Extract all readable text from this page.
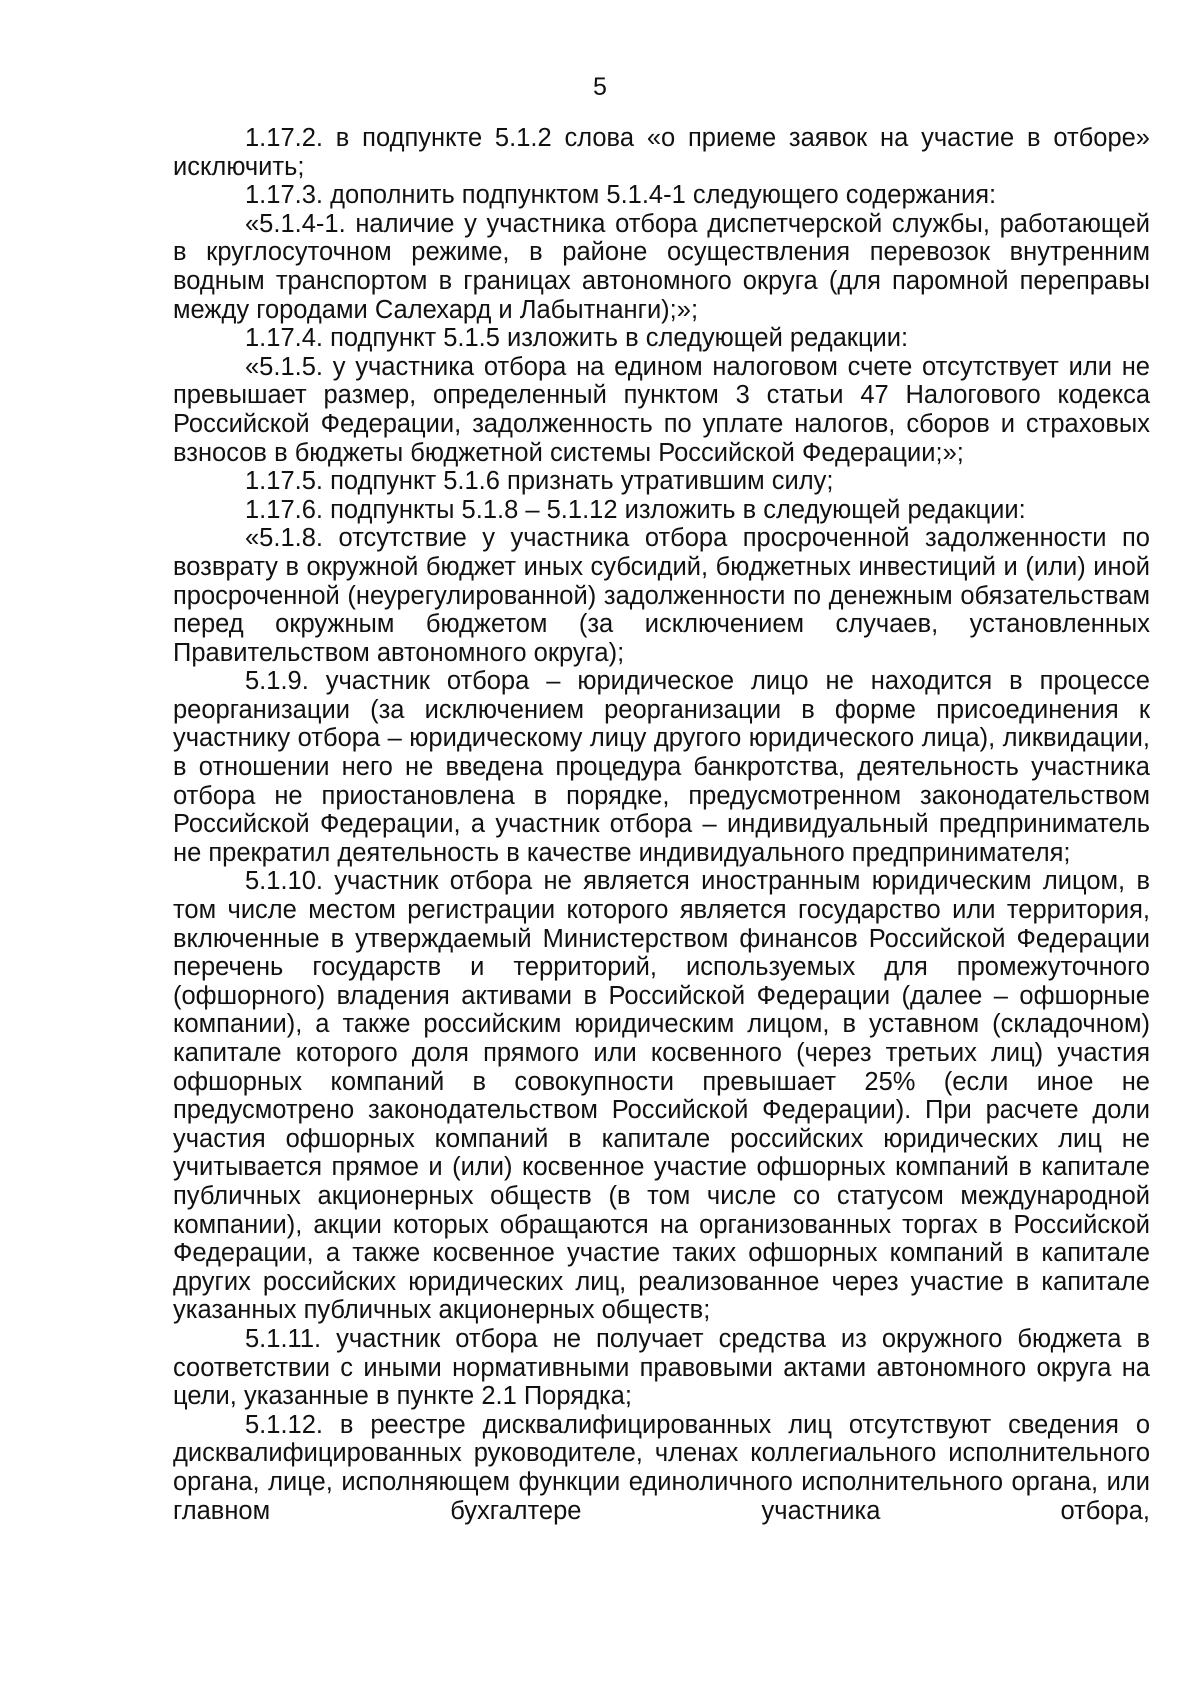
5

1.17.2. в подпункте 5.1.2 слова «о приеме заявок на участие в отборе» исключить;

1.17.3. дополнить подпунктом 5.1.4-1 следующего содержания:

«5.1.4-1. наличие у участника отбора диспетчерской службы, работающей в круглосуточном режиме, в районе осуществления перевозок внутренним водным транспортом в границах автономного округа (для паромной переправы между городами Салехард и Лабытнанги);»;

1.17.4. подпункт 5.1.5 изложить в следующей редакции:

«5.1.5. у участника отбора на едином налоговом счете отсутствует или не превышает размер, определенный пунктом 3 статьи 47 Налогового кодекса Российской Федерации, задолженность по уплате налогов, сборов и страховых взносов в бюджеты бюджетной системы Российской Федерации;»;

1.17.5. подпункт 5.1.6 признать утратившим силу;

1.17.6. подпункты 5.1.8 – 5.1.12 изложить в следующей редакции:

«5.1.8. отсутствие у участника отбора просроченной задолженности по возврату в окружной бюджет иных субсидий, бюджетных инвестиций и (или) иной просроченной (неурегулированной) задолженности по денежным обязательствам перед окружным бюджетом (за исключением случаев, установленных Правительством автономного округа);

5.1.9. участник отбора – юридическое лицо не находится в процессе реорганизации (за исключением реорганизации в форме присоединения к участнику отбора – юридическому лицу другого юридического лица), ликвидации, в отношении него не введена процедура банкротства, деятельность участника отбора не приостановлена в порядке, предусмотренном законодательством Российской Федерации, а участник отбора – индивидуальный предприниматель не прекратил деятельность в качестве индивидуального предпринимателя;

5.1.10. участник отбора не является иностранным юридическим лицом, в том числе местом регистрации которого является государство или территория, включенные в утверждаемый Министерством финансов Российской Федерации перечень государств и территорий, используемых для промежуточного (офшорного) владения активами в Российской Федерации (далее – офшорные компании), а также российским юридическим лицом, в уставном (складочном) капитале которого доля прямого или косвенного (через третьих лиц) участия офшорных компаний в совокупности превышает 25% (если иное не предусмотрено законодательством Российской Федерации). При расчете доли участия офшорных компаний в капитале российских юридических лиц не учитывается прямое и (или) косвенное участие офшорных компаний в капитале публичных акционерных обществ (в том числе со статусом международной компании), акции которых обращаются на организованных торгах в Российской Федерации, а также косвенное участие таких офшорных компаний в капитале других российских юридических лиц, реализованное через участие в капитале указанных публичных акционерных обществ;

5.1.11. участник отбора не получает средства из окружного бюджета в соответствии с иными нормативными правовыми актами автономного округа на цели, указанные в пункте 2.1 Порядка;

5.1.12. в реестре дисквалифицированных лиц отсутствуют сведения о дисквалифицированных руководителе, членах коллегиального исполнительного органа, лице, исполняющем функции единоличного исполнительного органа, или главном бухгалтере участника отбора,
